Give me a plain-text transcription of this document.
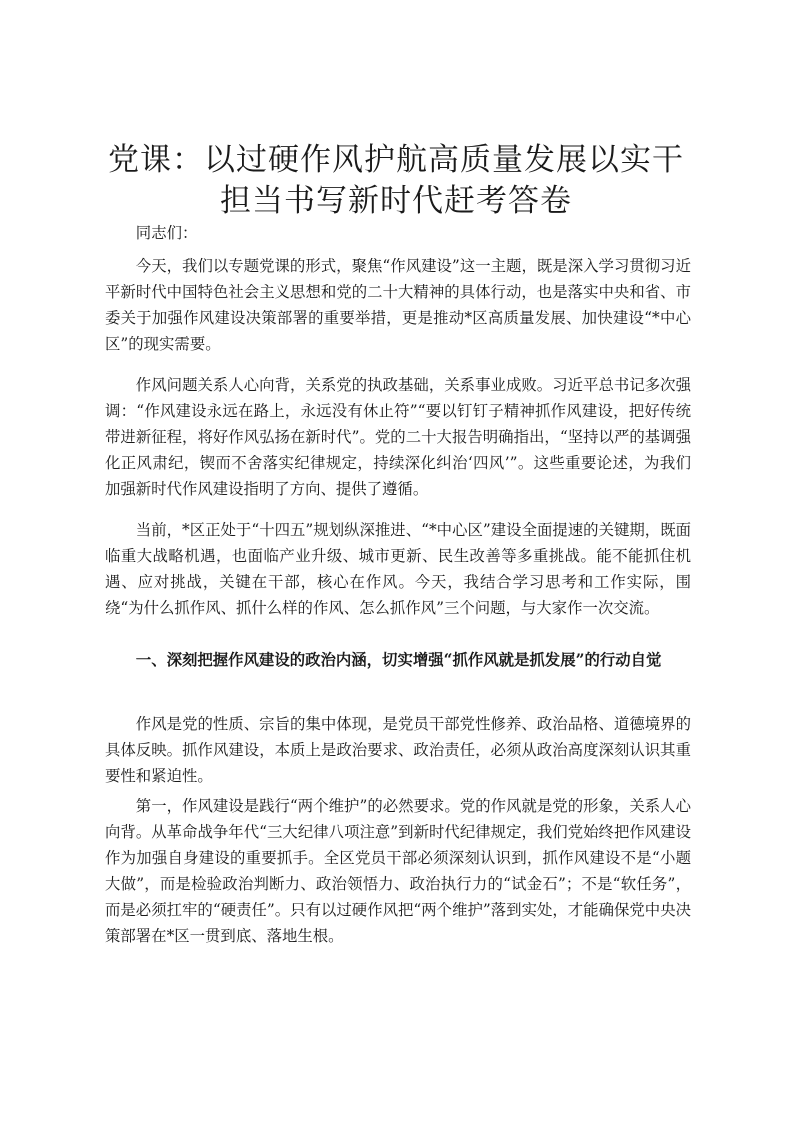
党课：以过硬作风护航高质量发展以实干担当书写新时代赶考答卷

同志们：

今天，我们以专题党课的形式，聚焦“作风建设”这一主题，既是深入学习贯彻习近平新时代中国特色社会主义思想和党的二十大精神的具体行动，也是落实中央和省、市委关于加强作风建设决策部署的重要举措，更是推动*区高质量发展、加快建设“*中心区”的现实需要。

作风问题关系人心向背，关系党的执政基础，关系事业成败。习近平总书记多次强调：“作风建设永远在路上，永远没有休止符”“要以钉钉子精神抓作风建设，把好传统带进新征程，将好作风弘扬在新时代”。党的二十大报告明确指出，“坚持以严的基调强化正风肃纪，锲而不舍落实纪律规定，持续深化纠治‘四风’”。这些重要论述，为我们加强新时代作风建设指明了方向、提供了遵循。

当前，*区正处于“十四五”规划纵深推进、“*中心区”建设全面提速的关键期，既面临重大战略机遇，也面临产业升级、城市更新、民生改善等多重挑战。能不能抓住机遇、应对挑战，关键在干部，核心在作风。今天，我结合学习思考和工作实际，围绕“为什么抓作风、抓什么样的作风、怎么抓作风”三个问题，与大家作一次交流。

一、深刻把握作风建设的政治内涵，切实增强“抓作风就是抓发展”的行动自觉

作风是党的性质、宗旨的集中体现，是党员干部党性修养、政治品格、道德境界的具体反映。抓作风建设，本质上是政治要求、政治责任，必须从政治高度深刻认识其重要性和紧迫性。

第一，作风建设是践行“两个维护”的必然要求。党的作风就是党的形象，关系人心向背。从革命战争年代“三大纪律八项注意”到新时代纪律规定，我们党始终把作风建设作为加强自身建设的重要抓手。全区党员干部必须深刻认识到，抓作风建设不是“小题大做”，而是检验政治判断力、政治领悟力、政治执行力的“试金石”；不是“软任务”，而是必须扛牢的“硬责任”。只有以过硬作风把“两个维护”落到实处，才能确保党中央决策部署在*区一贯到底、落地生根。
